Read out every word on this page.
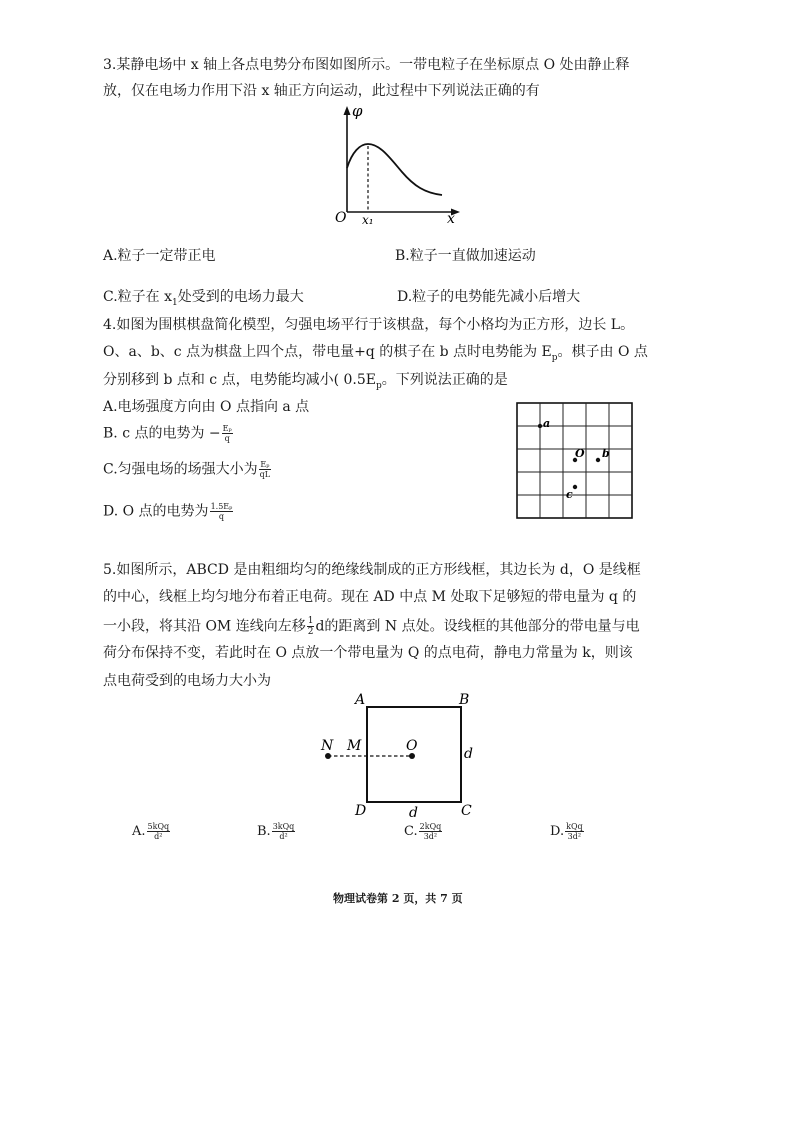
3.某静电场中 x 轴上各点电势分布图如图所示。一带电粒子在坐标原点 O 处由静止释
放，仅在电场力作用下沿 x 轴正方向运动，此过程中下列说法正确的有
φ
O x₁	x
A.粒子一定带正电	B.粒子一直做加速运动
C.粒子在 $x_1$处受到的电场力最大	D.粒子的电势能先减小后增大
4.如图为围棋棋盘简化模型，匀强电场平行于该棋盘，每个小格均为正方形，边长 L。
O、a、b、c 点为棋盘上四个点，带电量+q 的棋子在 b 点时电势能为 $E_p$。棋子由 O 点
分别移到 b 点和 c 点，电势能均减小( $0.5E_p$。下列说法正确的是
A.电场强度方向由 O 点指向 a 点
B. c 点的电势为 − $\frac{\text{Eₚ}}{q}$
C.匀强电场的场强大小为 $\frac{\text{Eₚ}}{qL}$
D. O 点的电势为 $\frac{\text{1.5Eₚ}}{q}$
a
O b
c
5.如图所示，ABCD 是由粗细均匀的绝缘线制成的正方形线框，其边长为 d，O 是线框
的中心，线框上均匀地分布着正电荷。现在 AD 中点 M 处取下足够短的带电量为 q 的
一小段，将其沿 OM 连线向左移 $\frac{1}{2}$ d的距离到 N 点处。设线框的其他部分的带电量与电
荷分布保持不变，若此时在 O 点放一个带电量为 Q 的点电荷，静电力常量为 k，则该
点电荷受到的电场力大小为
A	B
C
D
N M	O	d
d
A. $\frac{\text{5kQq}}{\text{d²}}$	B. $\frac{\text{3kQq}}{\text{d²}}$	C. $\frac{\text{2kQq}}{\text{3d²}}$	D. $\frac{\text{kQq}}{\text{3d²}}$
物理试卷第 2 页，共 7 页
